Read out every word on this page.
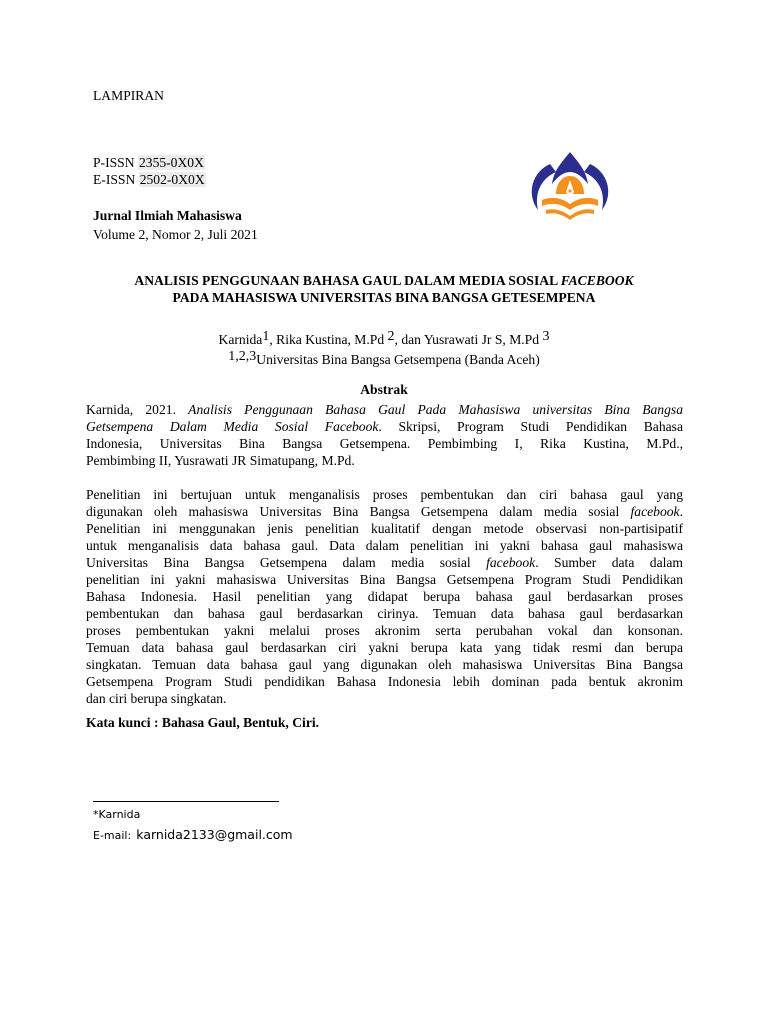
LAMPIRAN
P-ISSN 2355-0X0X
E-ISSN 2502-0X0X
Jurnal Ilmiah Mahasiswa
Volume 2, Nomor 2, Juli 2021
ANALISIS PENGGUNAAN BAHASA GAUL DALAM MEDIA SOSIAL FACEBOOK
PADA MAHASISWA UNIVERSITAS BINA BANGSA GETESEMPENA
Karnida1, Rika Kustina, M.Pd 2, dan Yusrawati Jr S, M.Pd 3
1,2,3Universitas Bina Bangsa Getsempena (Banda Aceh)
Abstrak
Karnida, 2021. Analisis Penggunaan Bahasa Gaul Pada Mahasiswa universitas Bina Bangsa
Getsempena Dalam Media Sosial Facebook. Skripsi, Program Studi Pendidikan Bahasa
Indonesia, Universitas Bina Bangsa Getsempena. Pembimbing I, Rika Kustina, M.Pd.,
Pembimbing II, Yusrawati JR Simatupang, M.Pd.
Penelitian ini bertujuan untuk menganalisis proses pembentukan dan ciri bahasa gaul yang
digunakan oleh mahasiswa Universitas Bina Bangsa Getsempena dalam media sosial facebook.
Penelitian ini menggunakan jenis penelitian kualitatif dengan metode observasi non-partisipatif
untuk menganalisis data bahasa gaul. Data dalam penelitian ini yakni bahasa gaul mahasiswa
Universitas Bina Bangsa Getsempena dalam media sosial facebook. Sumber data dalam
penelitian ini yakni mahasiswa Universitas Bina Bangsa Getsempena Program Studi Pendidikan
Bahasa Indonesia. Hasil penelitian yang didapat berupa bahasa gaul berdasarkan proses
pembentukan dan bahasa gaul berdasarkan cirinya. Temuan data bahasa gaul berdasarkan
proses pembentukan yakni melalui proses akronim serta perubahan vokal dan konsonan.
Temuan data bahasa gaul berdasarkan ciri yakni berupa kata yang tidak resmi dan berupa
singkatan. Temuan data bahasa gaul yang digunakan oleh mahasiswa Universitas Bina Bangsa
Getsempena Program Studi pendidikan Bahasa Indonesia lebih dominan pada bentuk akronim
dan ciri berupa singkatan.
Kata kunci : Bahasa Gaul, Bentuk, Ciri.
*Karnida
E-mail: karnida2133@gmail.com
